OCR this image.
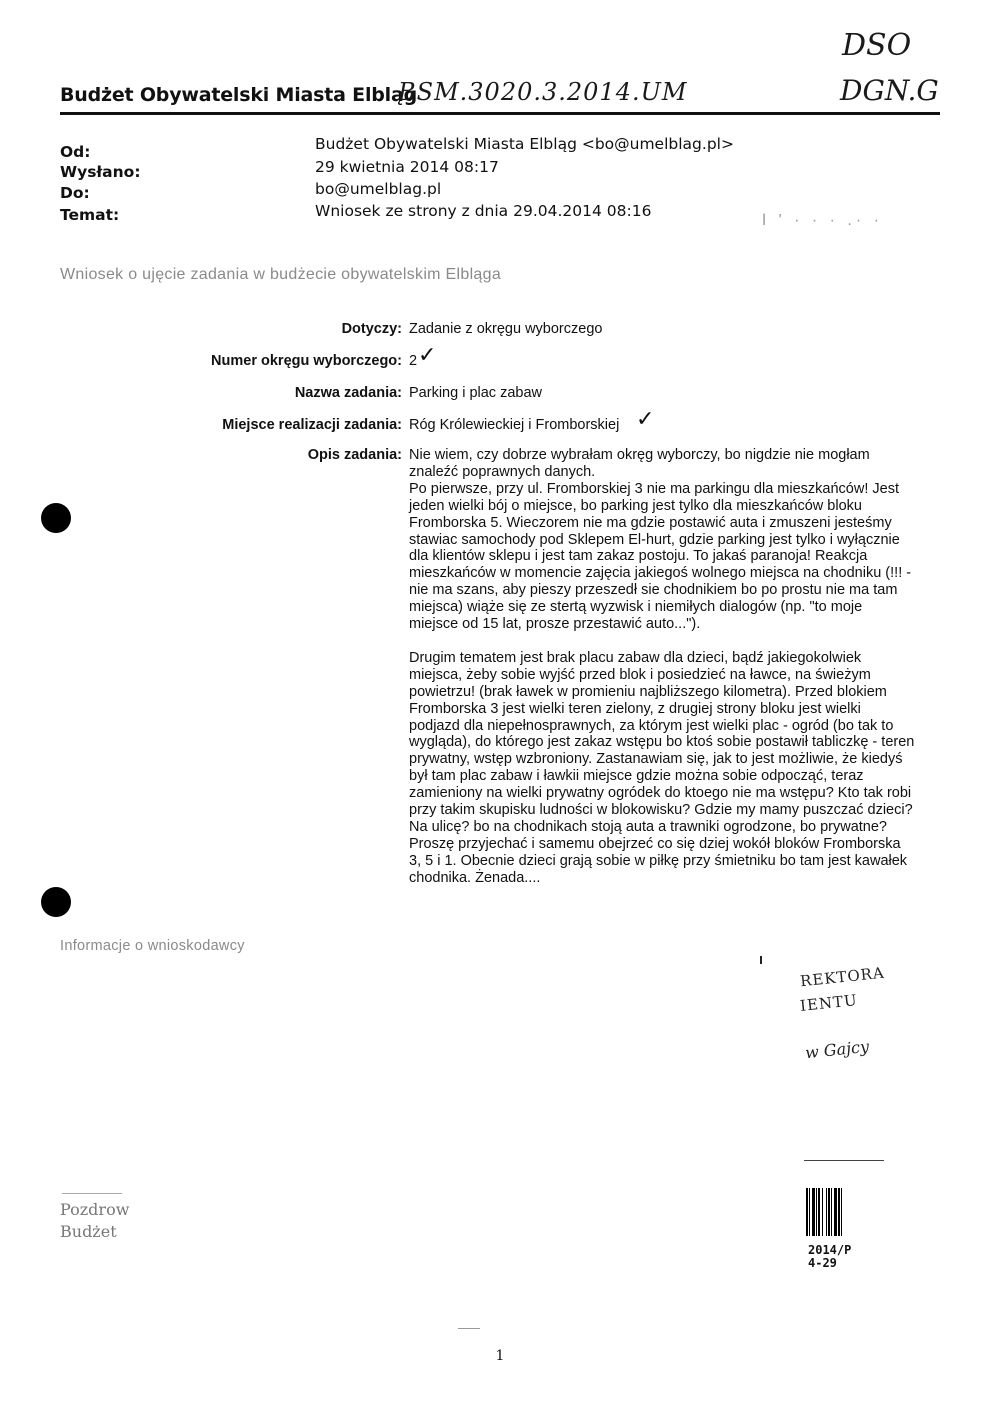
Budżet Obywatelski Miasta Elbląg
BSM.3020.3.2014.UM
DSO
DGN.G
Od:	Budżet Obywatelski Miasta Elbląg <bo@umelblag.pl>
Wysłano:	29 kwietnia 2014 08:17
Do:	bo@umelblag.pl
Temat:	Wniosek ze strony z dnia 29.04.2014 08:16
ǀ ' · · · .· ·
Wniosek o ujęcie zadania w budżecie obywatelskim Elbląga
Dotyczy: Zadanie z okręgu wyborczego
Numer okręgu wyborczego: 2 ✓
Nazwa zadania: Parking i plac zabaw
Miejsce realizacji zadania: Róg Królewieckiej i Fromborskiej ✓
Opis zadania: Nie wiem, czy dobrze wybrałam okręg wyborczy, bo nigdzie nie mogłam
znaleźć poprawnych danych.
Po pierwsze, przy ul. Fromborskiej 3 nie ma parkingu dla mieszkańców! Jest
jeden wielki bój o miejsce, bo parking jest tylko dla mieszkańców bloku
Fromborska 5. Wieczorem nie ma gdzie postawić auta i zmuszeni jesteśmy
stawiac samochody pod Sklepem El-hurt, gdzie parking jest tylko i wyłącznie
dla klientów sklepu i jest tam zakaz postoju. To jakaś paranoja! Reakcja
mieszkańców w momencie zajęcia jakiegoś wolnego miejsca na chodniku (!!! -
nie ma szans, aby pieszy przeszedł sie chodnikiem bo po prostu nie ma tam
miejsca) wiąże się ze stertą wyzwisk i niemiłych dialogów (np. "to moje
miejsce od 15 lat, prosze przestawić auto...").

Drugim tematem jest brak placu zabaw dla dzieci, bądź jakiegokolwiek
miejsca, żeby sobie wyjść przed blok i posiedzieć na ławce, na świeżym
powietrzu! (brak ławek w promieniu najbliższego kilometra). Przed blokiem
Fromborska 3 jest wielki teren zielony, z drugiej strony bloku jest wielki
podjazd dla niepełnosprawnych, za którym jest wielki plac - ogród (bo tak to
wygląda), do którego jest zakaz wstępu bo ktoś sobie postawił tabliczkę - teren
prywatny, wstęp wzbroniony. Zastanawiam się, jak to jest możliwie, że kiedyś
był tam plac zabaw i ławkii miejsce gdzie można sobie odpocząć, teraz
zamieniony na wielki prywatny ogródek do ktoego nie ma wstępu? Kto tak robi
przy takim skupisku ludności w blokowisku? Gdzie my mamy puszczać dzieci?
Na ulicę? bo na chodnikach stoją auta a trawniki ogrodzone, bo prywatne?
Proszę przyjechać i samemu obejrzeć co się dziej wokół bloków Fromborska
3, 5 i 1. Obecnie dzieci grają sobie w piłkę przy śmietniku bo tam jest kawałek
chodnika. Żenada....
Informacje o wnioskodawcy
REKTORA
IENTU
w Gajcy
2014/P
4-29
Pozdrow
Budżet
1
